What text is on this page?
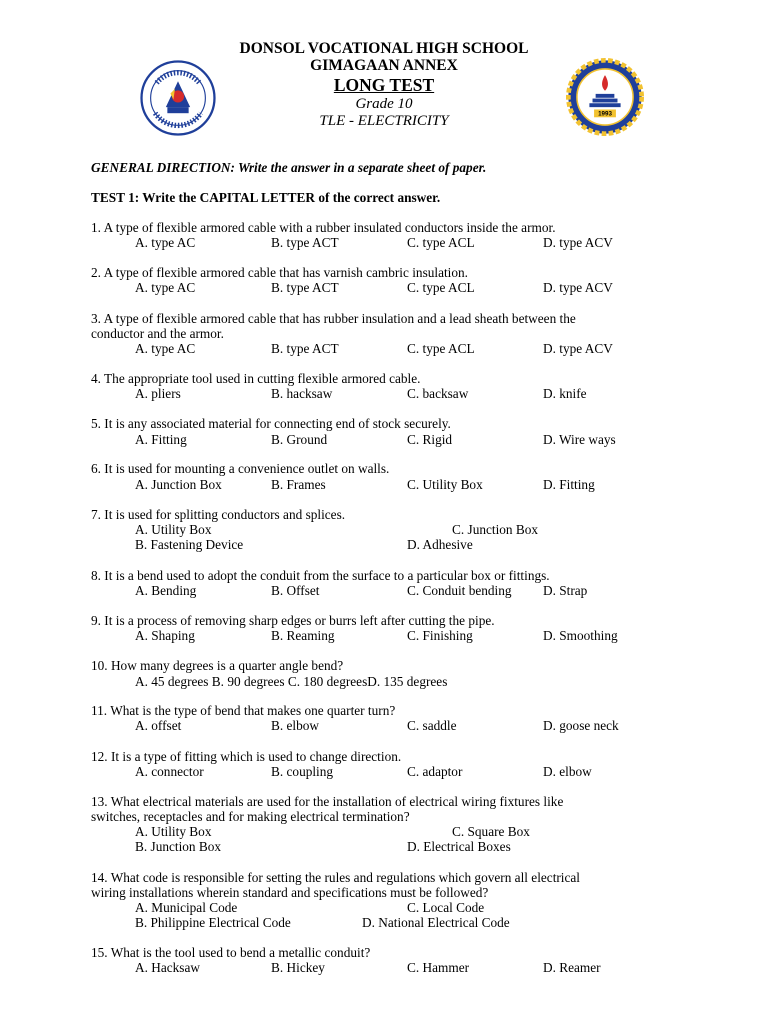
DONSOL VOCATIONAL HIGH SCHOOL
GIMAGAAN ANNEX
LONG TEST
Grade 10
TLE - ELECTRICITY	1993
GENERAL DIRECTION: Write the answer in a separate sheet of paper.
TEST 1: Write the CAPITAL LETTER of the correct answer.
1. A type of flexible armored cable with a rubber insulated conductors inside the armor.
A. type AC	B. type ACT	C. type ACL	D. type ACV
2. A type of flexible armored cable that has varnish cambric insulation.
A. type AC	B. type ACT	C. type ACL	D. type ACV
3. A type of flexible armored cable that has rubber insulation and a lead sheath between the
conductor and the armor.
A. type AC	B. type ACT	C. type ACL	D. type ACV
4. The appropriate tool used in cutting flexible armored cable.
A. pliers	B. hacksaw	C. backsaw	D. knife
5. It is any associated material for connecting end of stock securely.
A. Fitting	B. Ground	C. Rigid	D. Wire ways
6. It is used for mounting a convenience outlet on walls.
A. Junction Box	B. Frames	C. Utility Box	D. Fitting
7. It is used for splitting conductors and splices.
A. Utility Box	C. Junction Box
B. Fastening Device	D. Adhesive
8. It is a bend used to adopt the conduit from the surface to a particular box or fittings.
A. Bending	B. Offset	C. Conduit bending D. Strap
9. It is a process of removing sharp edges or burrs left after cutting the pipe.
A. Shaping	B. Reaming	C. Finishing	D. Smoothing
10. How many degrees is a quarter angle bend?
A. 45 degrees B. 90 degrees C. 180 degreesD. 135 degrees
11. What is the type of bend that makes one quarter turn?
A. offset	B. elbow	C. saddle	D. goose neck
12. It is a type of fitting which is used to change direction.
A. connector	B. coupling	C. adaptor	D. elbow
13. What electrical materials are used for the installation of electrical wiring fixtures like
switches, receptacles and for making electrical termination?
A. Utility Box	C. Square Box
B. Junction Box	D. Electrical Boxes
14. What code is responsible for setting the rules and regulations which govern all electrical
wiring installations wherein standard and specifications must be followed?
A. Municipal Code	C. Local Code
B. Philippine Electrical Code	D. National Electrical Code
15. What is the tool used to bend a metallic conduit?
A. Hacksaw	B. Hickey	C. Hammer	D. Reamer
